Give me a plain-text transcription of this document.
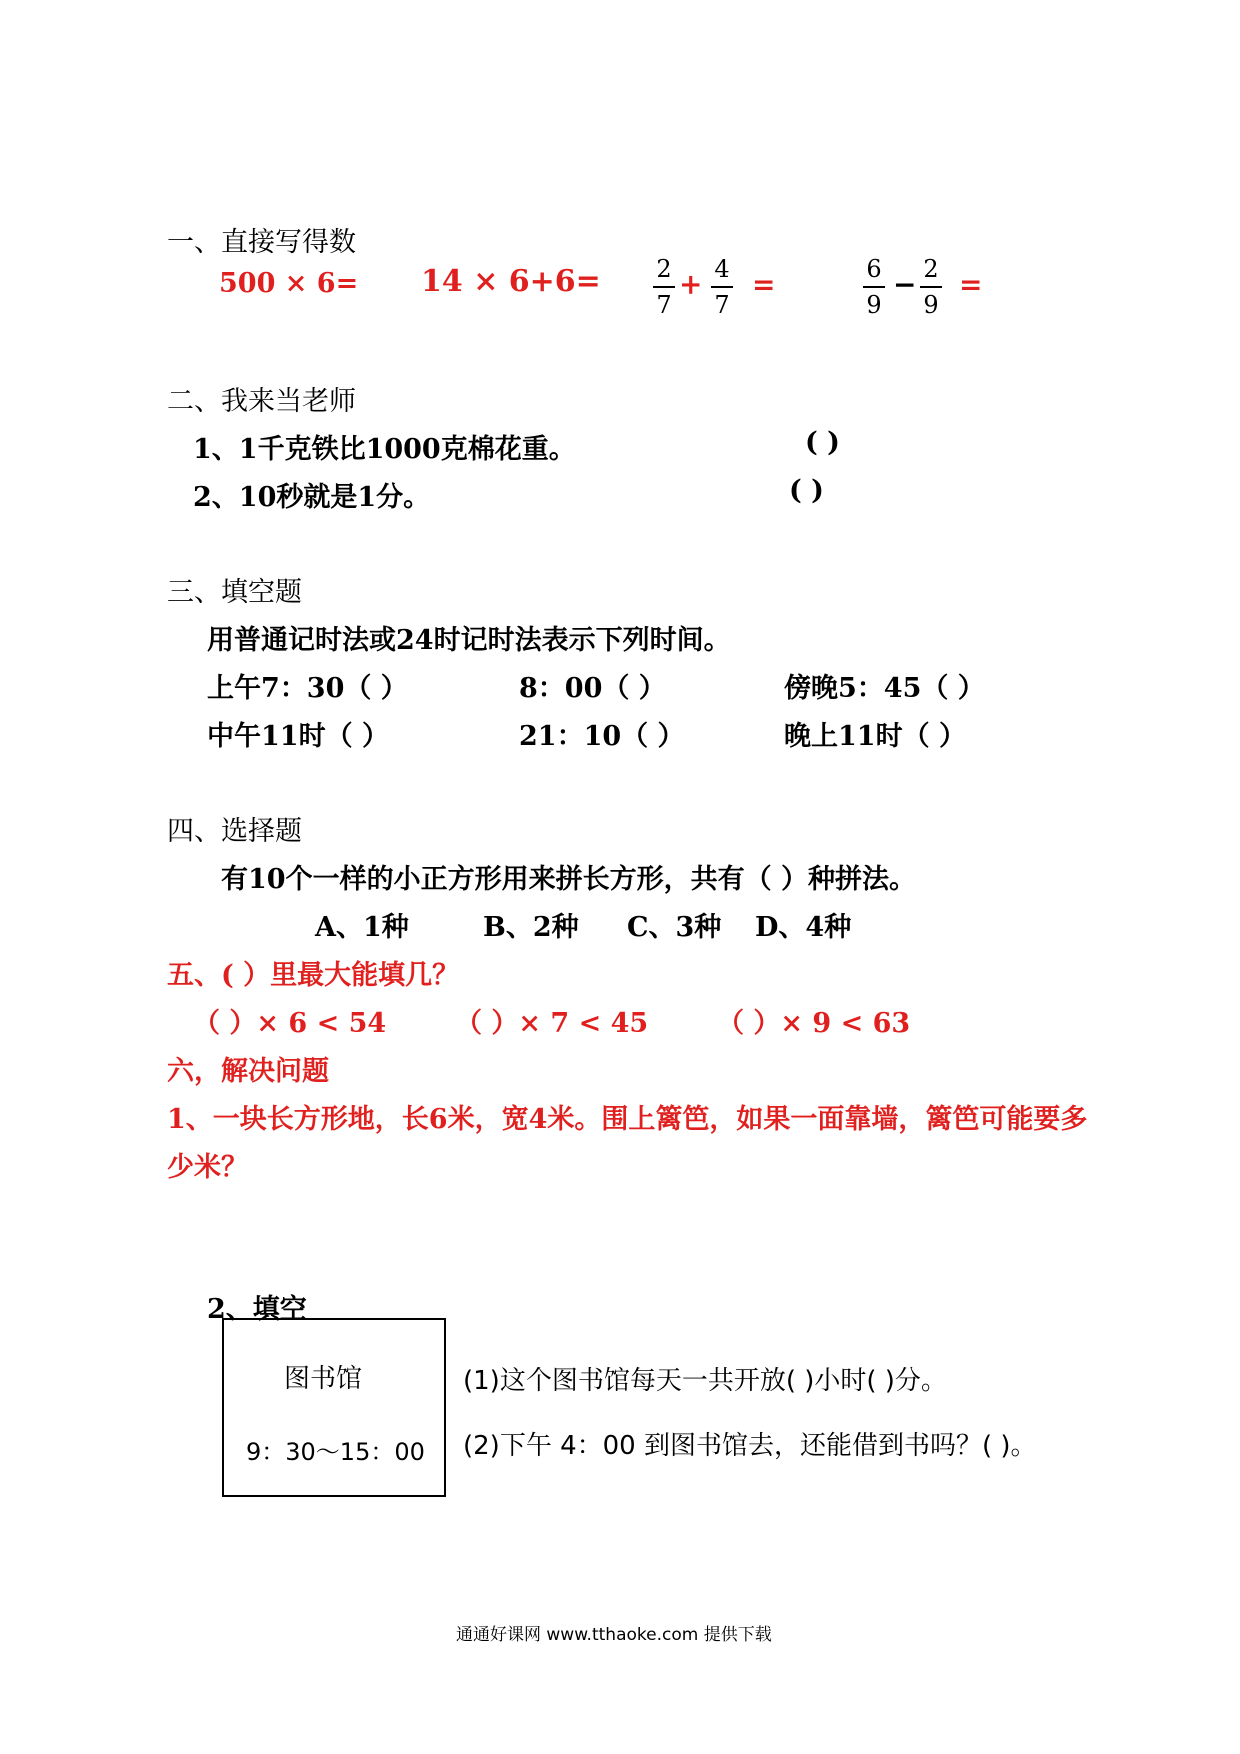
一、直接写得数
500 × 6= 14 × 6+6= 2
7
+ 4
7
=	6
9
− 2
9
=
二、我来当老师
1、1千克铁比1000克棉花重。	( )
2、10秒就是1分。	( )
三、填空题
用普通记时法或24时记时法表示下列时间。
上午7：30（ ）	8：00（ ）	傍晚5：45（ ）
中午11时（ ）	21：10（ ）	晚上11时（ ）
四、选择题
有10个一样的小正方形用来拼长方形，共有（ ）种拼法。
A、1种	B、2种 C、3种 D、4种
五、( ）里最大能填几？
（ ）× 6 < 54	（ ）× 7 < 45	（ ）× 9 < 63
六，解决问题
1、一块长方形地，长6米，宽4米。围上篱笆，如果一面靠墙，篱笆可能要多
少米？
2、填空
图书馆
9：30～15：00
(1)这个图书馆每天一共开放( )小时( )分。
(2)下午 4：00 到图书馆去，还能借到书吗？( )。
通通好课网 www.tthaoke.com 提供下载
